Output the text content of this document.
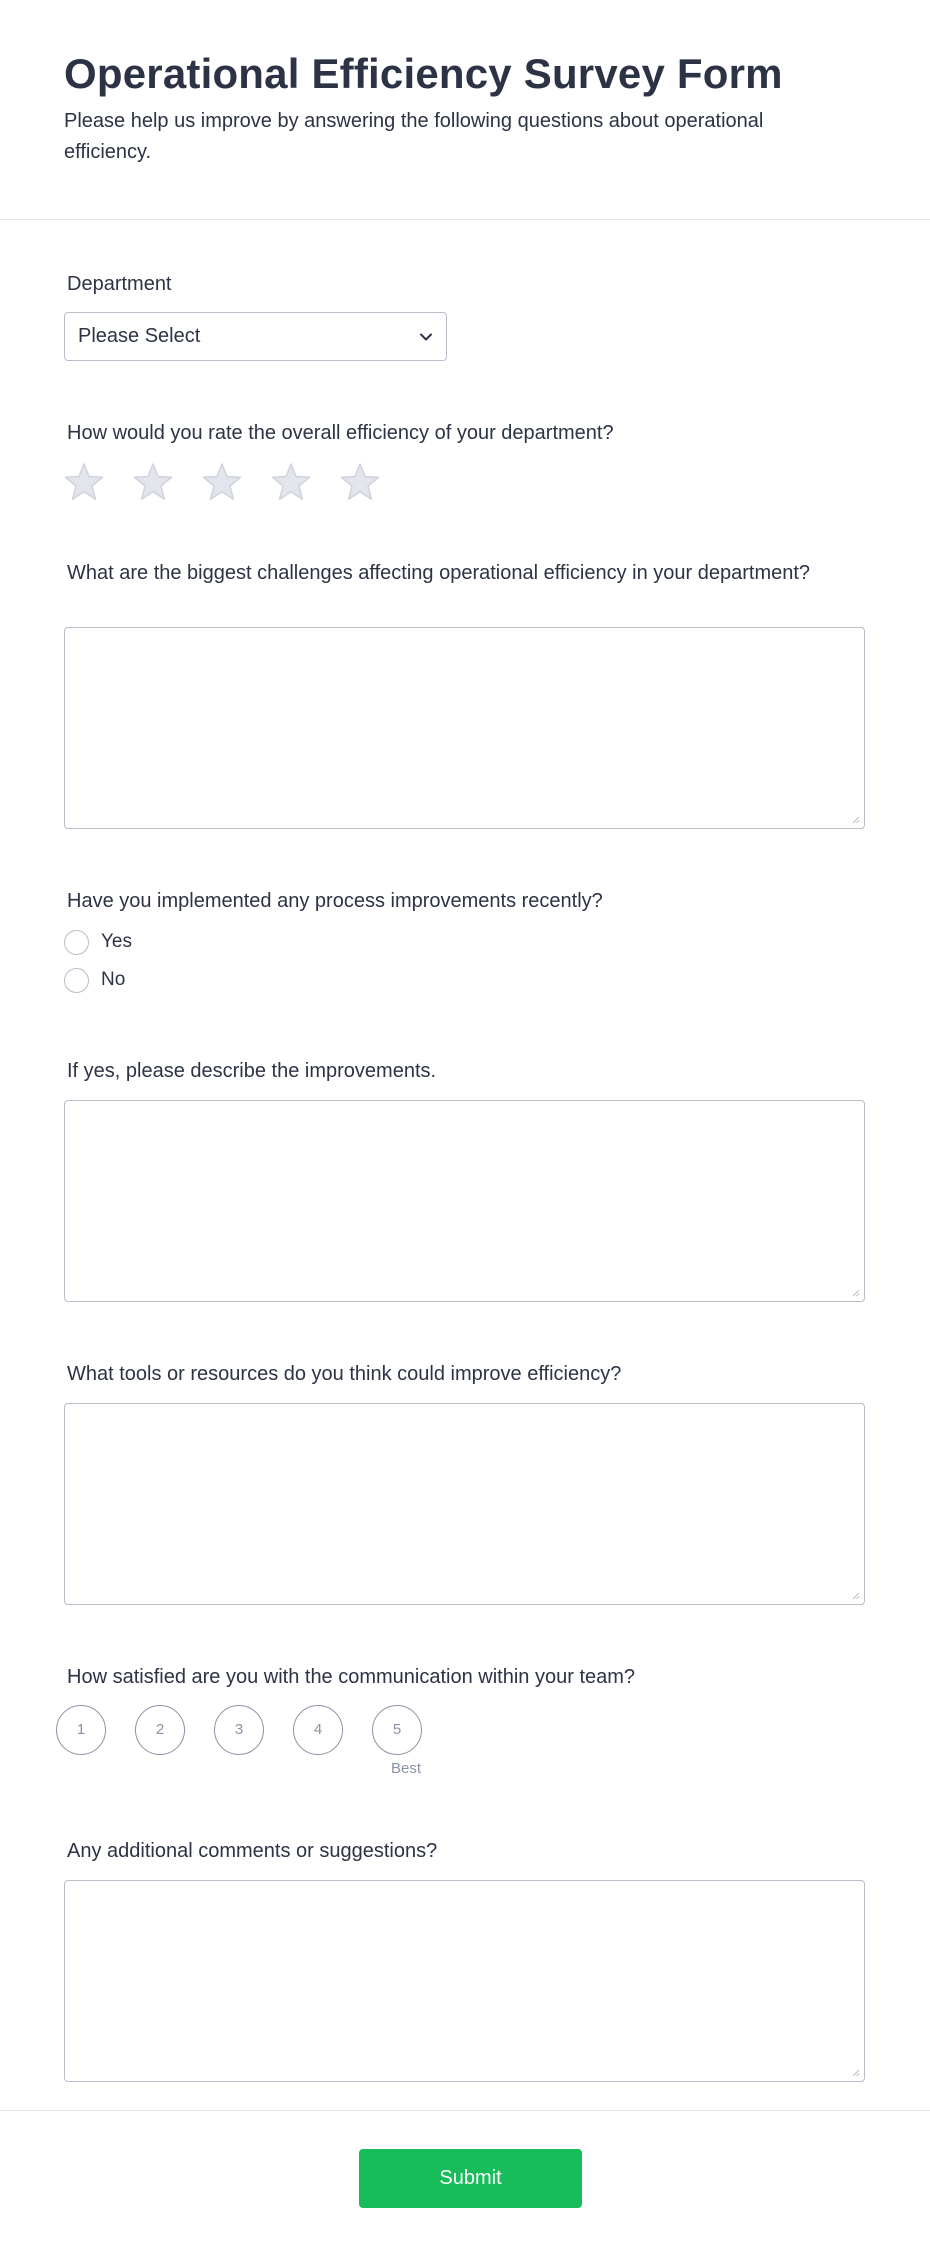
Operational Efficiency Survey Form

Please help us improve by answering the following questions about operational efficiency.

Department
Please Select
How would you rate the overall efficiency of your department?
What are the biggest challenges affecting operational efficiency in your department?
Have you implemented any process improvements recently?
Yes
No
If yes, please describe the improvements.
What tools or resources do you think could improve efficiency?
How satisfied are you with the communication within your team?
1	2	3	4	5
Best
Any additional comments or suggestions?
Submit
